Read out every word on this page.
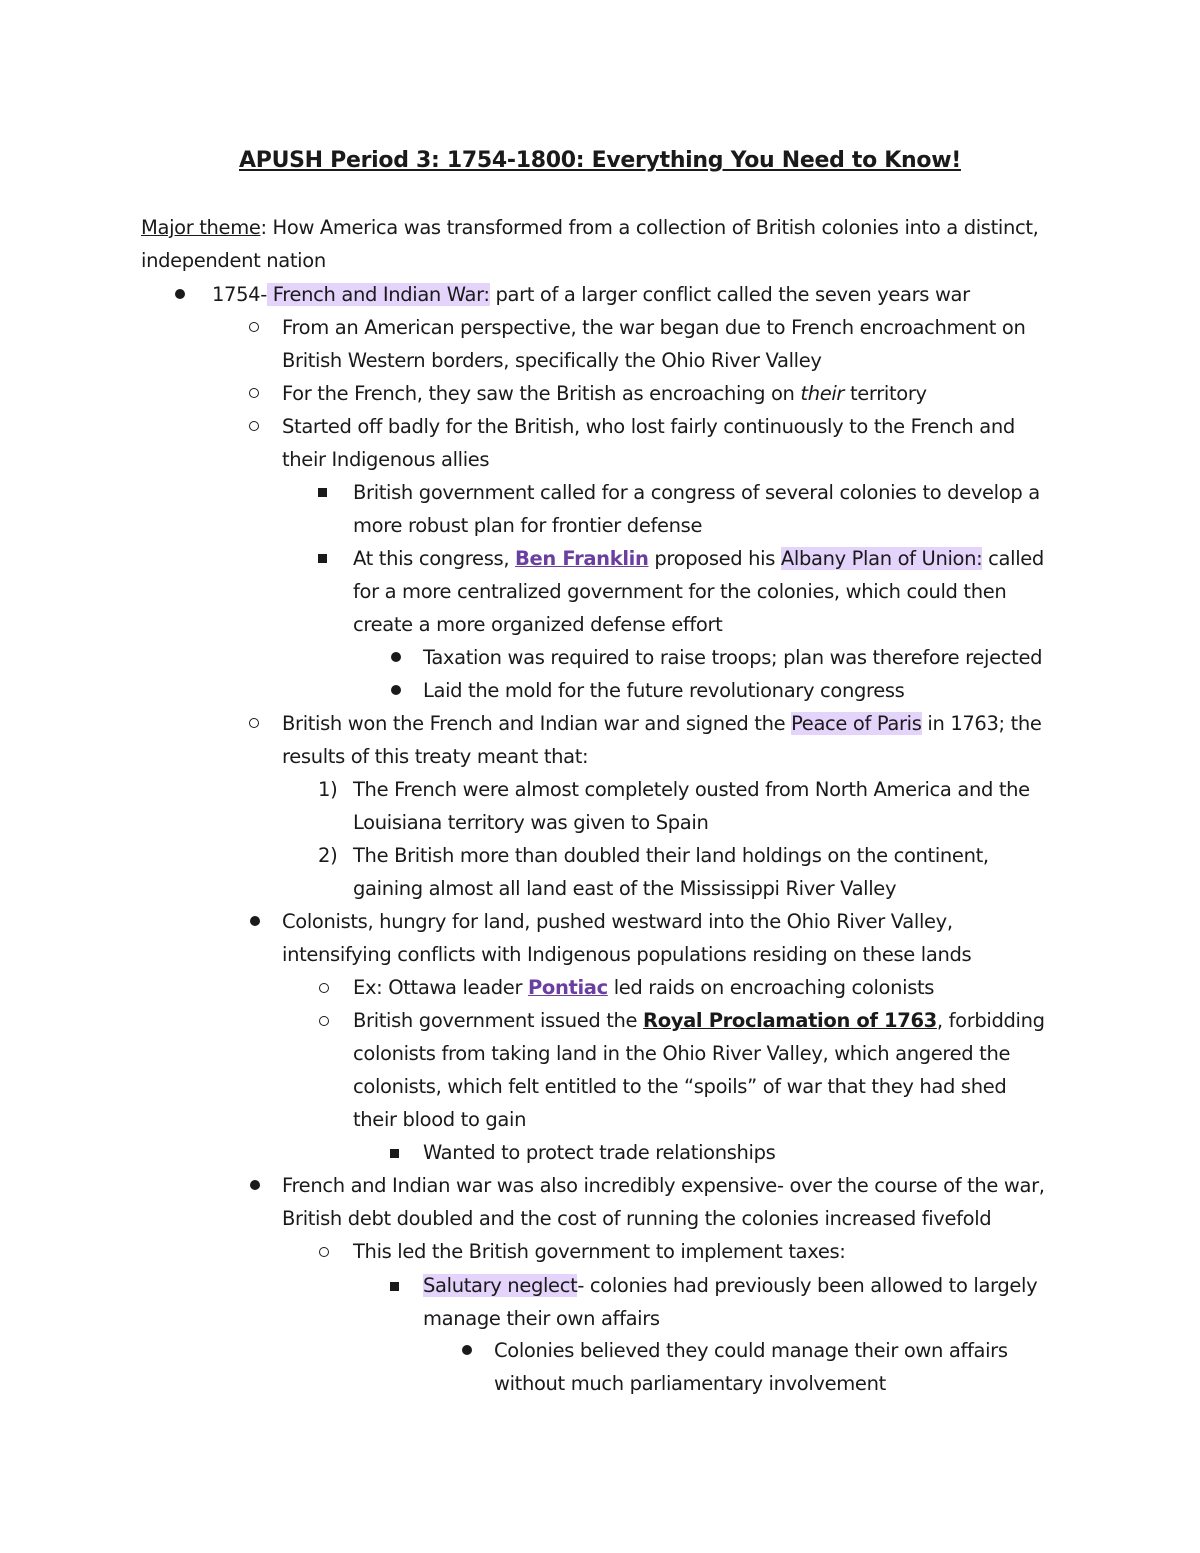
APUSH Period 3: 1754-1800: Everything You Need to Know!
Major theme: How America was transformed from a collection of British colonies into a distinct,
independent nation
1754- French and Indian War: part of a larger conflict called the seven years war
From an American perspective, the war began due to French encroachment on
British Western borders, specifically the Ohio River Valley
For the French, they saw the British as encroaching on their territory
Started off badly for the British, who lost fairly continuously to the French and
their Indigenous allies
British government called for a congress of several colonies to develop a
more robust plan for frontier defense
At this congress, Ben Franklin proposed his Albany Plan of Union: called
for a more centralized government for the colonies, which could then
create a more organized defense effort
Taxation was required to raise troops; plan was therefore rejected
Laid the mold for the future revolutionary congress
British won the French and Indian war and signed the Peace of Paris in 1763; the
results of this treaty meant that:
1) The French were almost completely ousted from North America and the
Louisiana territory was given to Spain
2) The British more than doubled their land holdings on the continent,
gaining almost all land east of the Mississippi River Valley
Colonists, hungry for land, pushed westward into the Ohio River Valley,
intensifying conflicts with Indigenous populations residing on these lands
Ex: Ottawa leader Pontiac led raids on encroaching colonists
British government issued the Royal Proclamation of 1763, forbidding
colonists from taking land in the Ohio River Valley, which angered the
colonists, which felt entitled to the “spoils” of war that they had shed
their blood to gain
Wanted to protect trade relationships
French and Indian war was also incredibly expensive- over the course of the war,
British debt doubled and the cost of running the colonies increased fivefold
This led the British government to implement taxes:
Salutary neglect- colonies had previously been allowed to largely
manage their own affairs
Colonies believed they could manage their own affairs
without much parliamentary involvement
